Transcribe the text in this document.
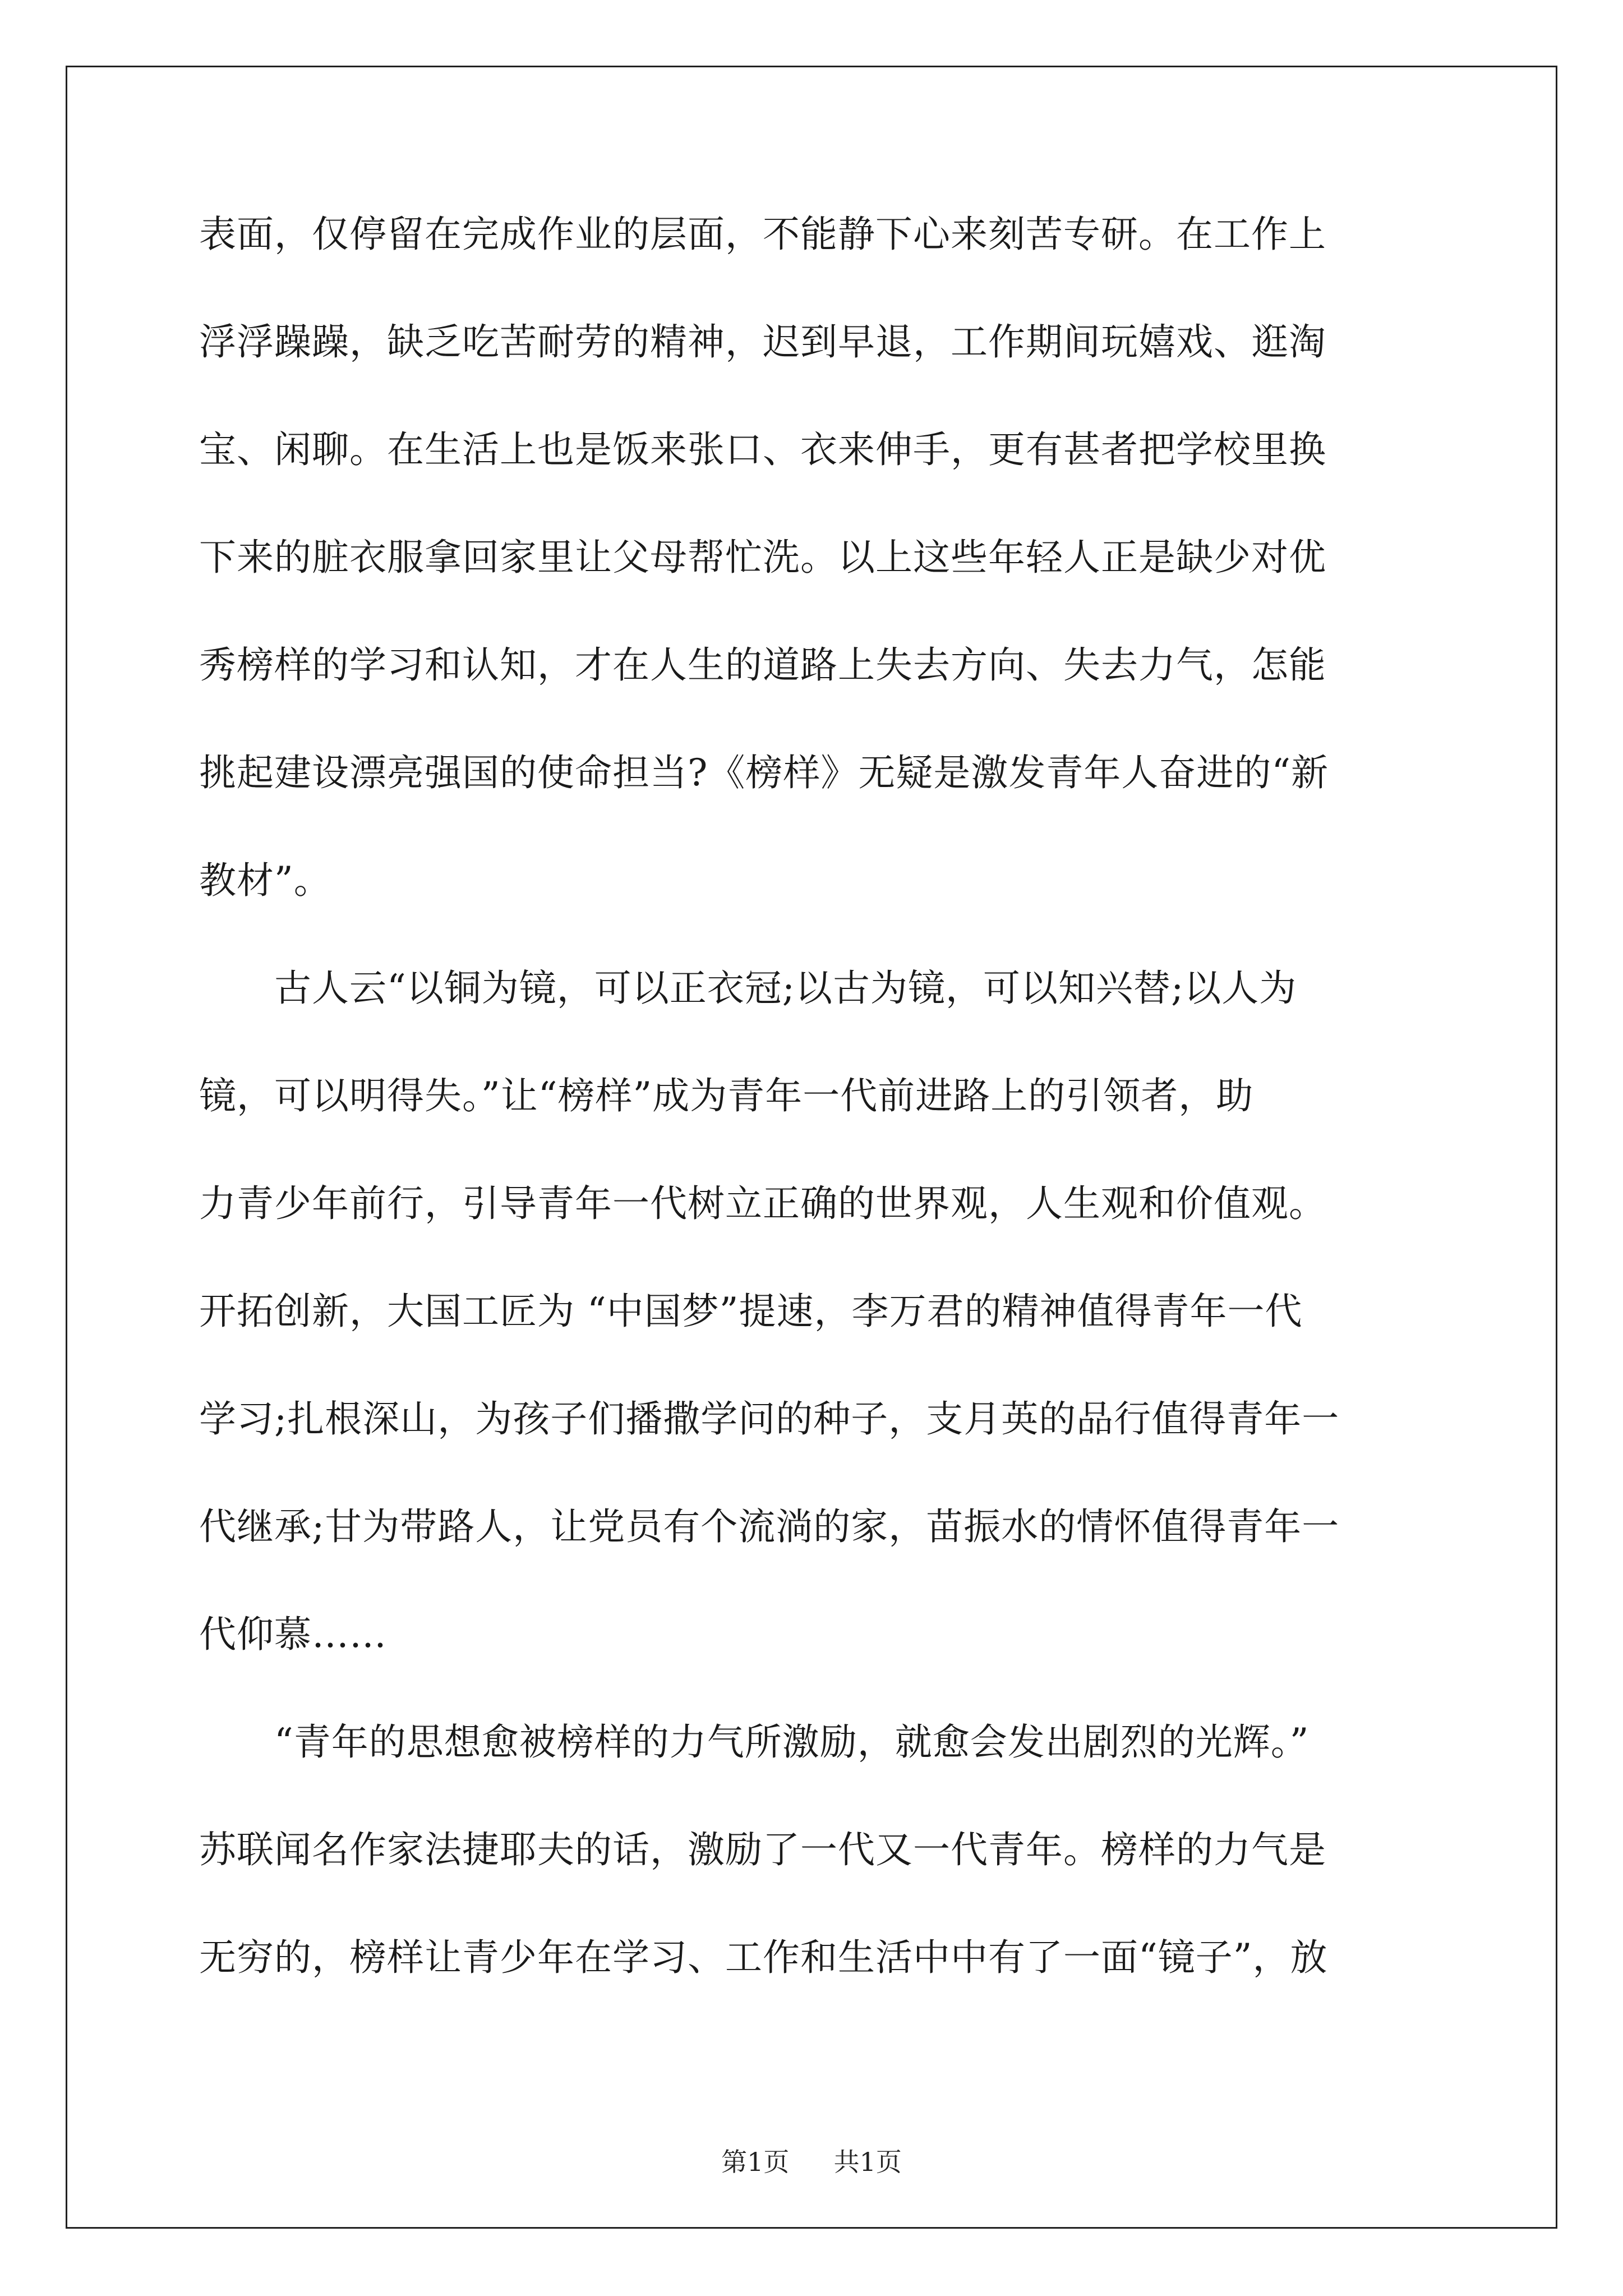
表面，仅停留在完成作业的层面，不能静下心来刻苦专研。在工作上
浮浮躁躁，缺乏吃苦耐劳的精神，迟到早退，工作期间玩嬉戏、逛淘
宝、闲聊。在生活上也是饭来张口、衣来伸手，更有甚者把学校里换
下来的脏衣服拿回家里让父母帮忙洗。以上这些年轻人正是缺少对优
秀榜样的学习和认知，才在人生的道路上失去方向、失去力气，怎能
挑起建设漂亮强国的使命担当?《榜样》无疑是激发青年人奋进的“新
教材”。
　　古人云“以铜为镜，可以正衣冠;以古为镜，可以知兴替;以人为
镜，可以明得失。”让“榜样”成为青年一代前进路上的引领者，助
力青少年前行，引导青年一代树立正确的世界观，人生观和价值观。
开拓创新，大国工匠为 “中国梦”提速，李万君的精神值得青年一代
学习;扎根深山，为孩子们播撒学问的种子，支月英的品行值得青年一
代继承;甘为带路人，让党员有个流淌的家，苗振水的情怀值得青年一
代仰慕……
　　“青年的思想愈被榜样的力气所激励，就愈会发出剧烈的光辉。”
苏联闻名作家法捷耶夫的话，激励了一代又一代青年。榜样的力气是
无穷的，榜样让青少年在学习、工作和生活中中有了一面“镜子”，放
第1页 共1页
